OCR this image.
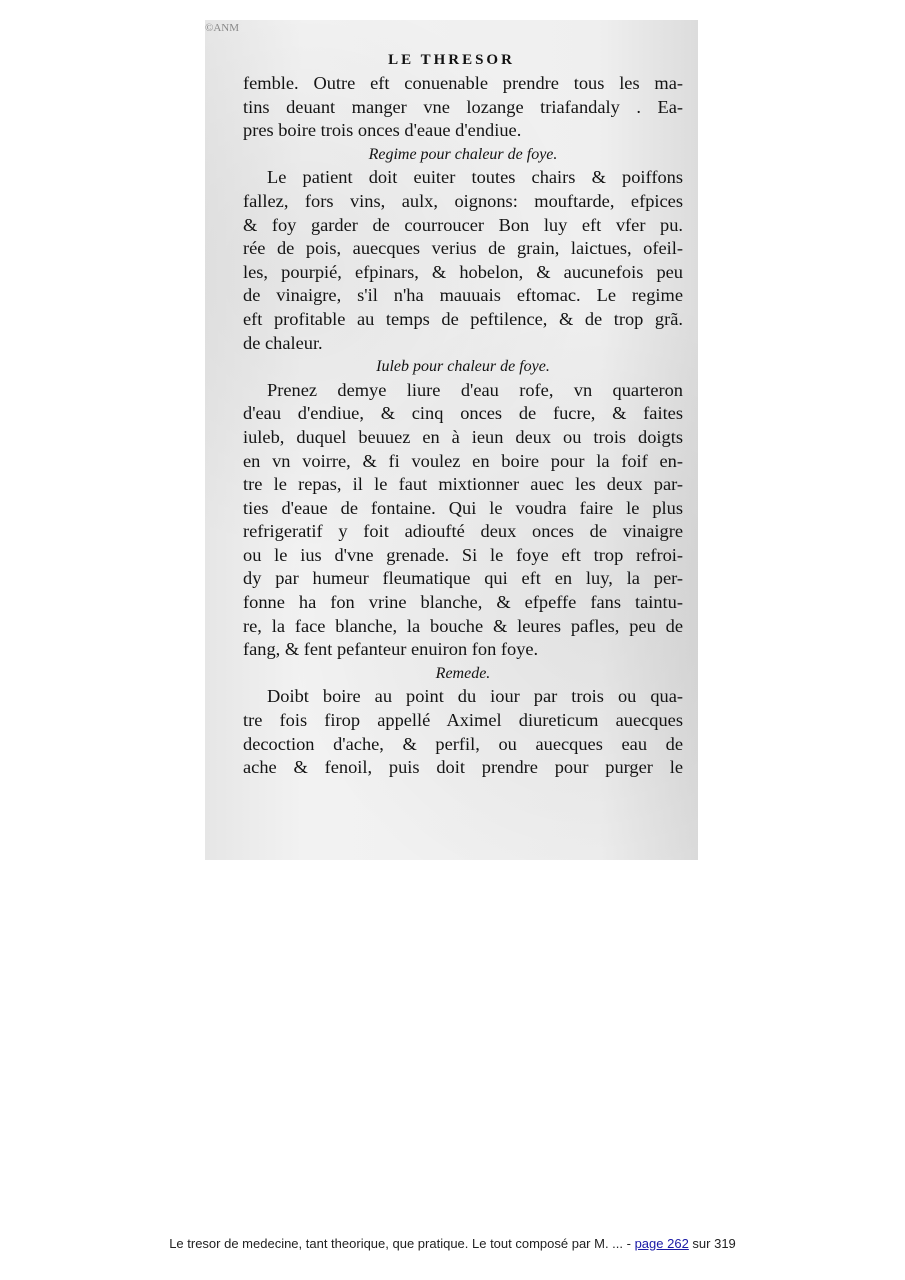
©ANM
LE THRESOR
femble. Outre eft conuenable prendre tous les ma-
tins deuant manger vne lozange triafandaly . Ea-
pres boire trois onces d'eaue d'endiue.
Regime pour chaleur de foye.
Le patient doit euiter toutes chairs & poiffons
fallez, fors vins, aulx, oignons: mouftarde, efpices
& foy garder de courroucer Bon luy eft vfer pu.
rée de pois, auecques verius de grain, laictues, ofeil-
les, pourpié, efpinars, & hobelon, & aucunefois peu
de vinaigre, s'il n'ha mauuais eftomac. Le regime
eft profitable au temps de peftilence, & de trop grã.
de chaleur.
Iuleb pour chaleur de foye.
Prenez demye liure d'eau rofe, vn quarteron
d'eau d'endiue, & cinq onces de fucre, & faites
iuleb, duquel beuuez en à ieun deux ou trois doigts
en vn voirre, & fi voulez en boire pour la foif en-
tre le repas, il le faut mixtionner auec les deux par-
ties d'eaue de fontaine. Qui le voudra faire le plus
refrigeratif y foit adioufté deux onces de vinaigre
ou le ius d'vne grenade. Si le foye eft trop refroi-
dy par humeur fleumatique qui eft en luy, la per-
fonne ha fon vrine blanche, & efpeffe fans taintu-
re, la face blanche, la bouche & leures pafles, peu de
fang, & fent pefanteur enuiron fon foye.
Remede.
Doibt boire au point du iour par trois ou qua-
tre fois firop appellé Aximel diureticum auecques
decoction d'ache, & perfil, ou auecques eau de
ache & fenoil, puis doit prendre pour purger le
Le tresor de medecine, tant theorique, que pratique. Le tout composé par M. ... - page 262 sur 319
